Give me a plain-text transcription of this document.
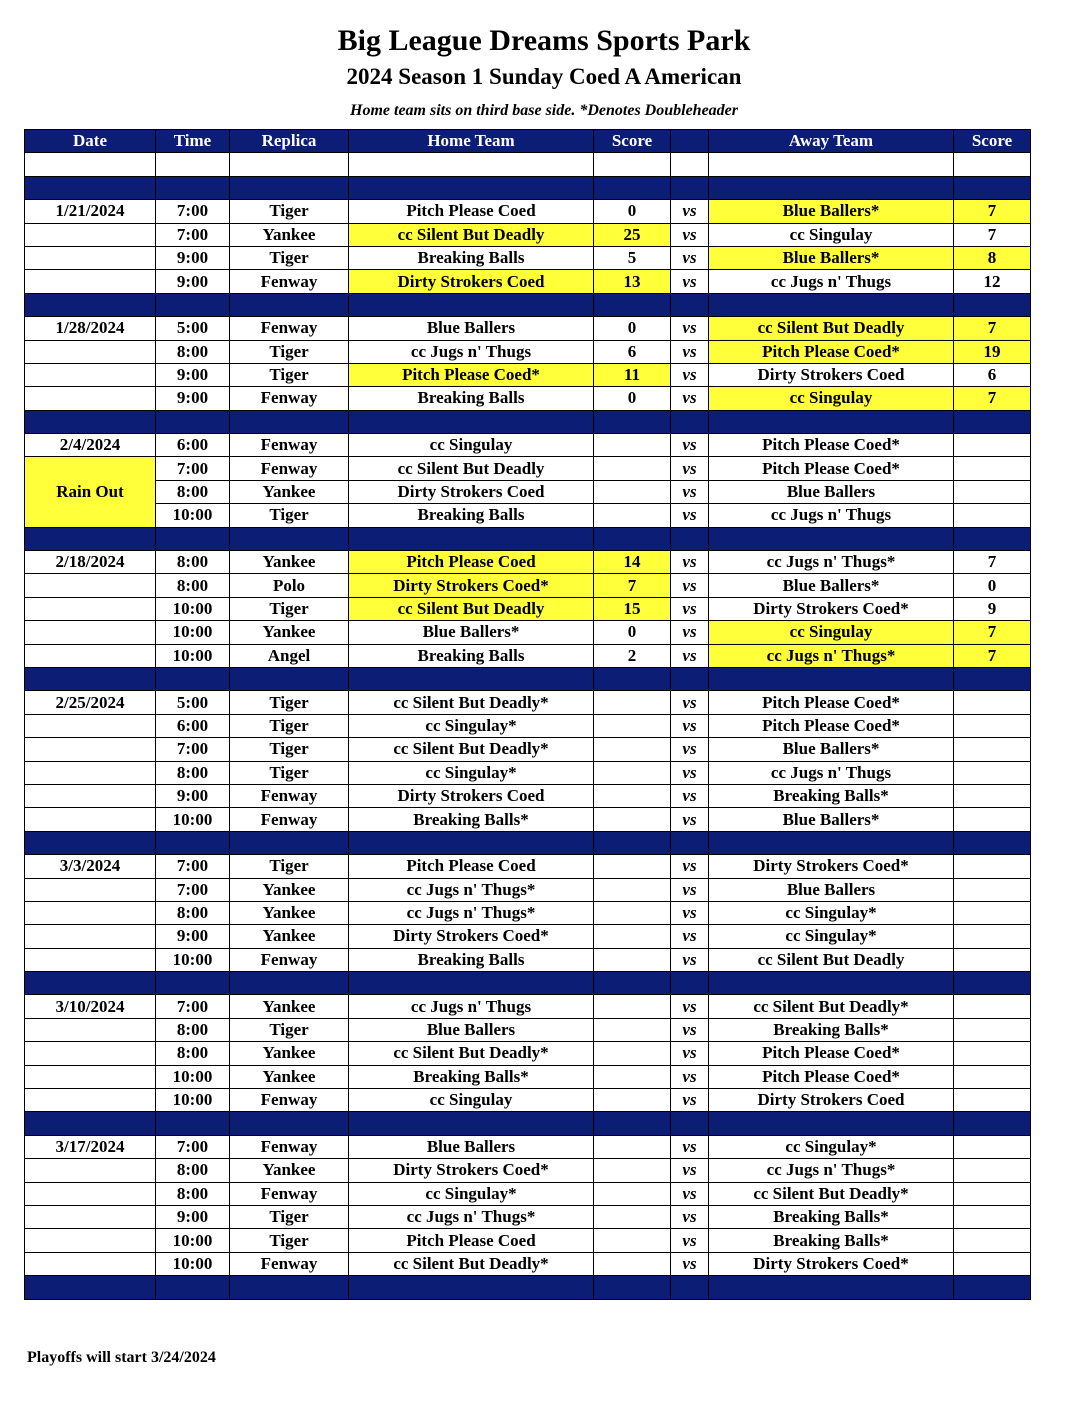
Big League Dreams Sports Park
2024 Season 1 Sunday Coed A American
Home team sits on third base side. *Denotes Doubleheader
Date	Time	Replica	Home Team	Score		Away Team	Score

1/21/2024	7:00	Tiger	Pitch Please Coed	0	vs	Blue Ballers*	7
	7:00	Yankee	cc Silent But Deadly	25	vs	cc Singulay	7
	9:00	Tiger	Breaking Balls	5	vs	Blue Ballers*	8
	9:00	Fenway	Dirty Strokers Coed	13	vs	cc Jugs n' Thugs	12

1/28/2024	5:00	Fenway	Blue Ballers	0	vs	cc Silent But Deadly	7
	8:00	Tiger	cc Jugs n' Thugs	6	vs	Pitch Please Coed*	19
	9:00	Tiger	Pitch Please Coed*	11	vs	Dirty Strokers Coed	6
	9:00	Fenway	Breaking Balls	0	vs	cc Singulay	7

2/4/2024	6:00	Fenway	cc Singulay		vs	Pitch Please Coed*	
Rain Out	7:00	Fenway	cc Silent But Deadly		vs	Pitch Please Coed*	
	8:00	Yankee	Dirty Strokers Coed		vs	Blue Ballers	
	10:00	Tiger	Breaking Balls		vs	cc Jugs n' Thugs	

2/18/2024	8:00	Yankee	Pitch Please Coed	14	vs	cc Jugs n' Thugs*	7
	8:00	Polo	Dirty Strokers Coed*	7	vs	Blue Ballers*	0
	10:00	Tiger	cc Silent But Deadly	15	vs	Dirty Strokers Coed*	9
	10:00	Yankee	Blue Ballers*	0	vs	cc Singulay	7
	10:00	Angel	Breaking Balls	2	vs	cc Jugs n' Thugs*	7

2/25/2024	5:00	Tiger	cc Silent But Deadly*		vs	Pitch Please Coed*	
	6:00	Tiger	cc Singulay*		vs	Pitch Please Coed*	
	7:00	Tiger	cc Silent But Deadly*		vs	Blue Ballers*	
	8:00	Tiger	cc Singulay*		vs	cc Jugs n' Thugs	
	9:00	Fenway	Dirty Strokers Coed		vs	Breaking Balls*	
	10:00	Fenway	Breaking Balls*		vs	Blue Ballers*	

3/3/2024	7:00	Tiger	Pitch Please Coed		vs	Dirty Strokers Coed*	
	7:00	Yankee	cc Jugs n' Thugs*		vs	Blue Ballers	
	8:00	Yankee	cc Jugs n' Thugs*		vs	cc Singulay*	
	9:00	Yankee	Dirty Strokers Coed*		vs	cc Singulay*	
	10:00	Fenway	Breaking Balls		vs	cc Silent But Deadly	

3/10/2024	7:00	Yankee	cc Jugs n' Thugs		vs	cc Silent But Deadly*	
	8:00	Tiger	Blue Ballers		vs	Breaking Balls*	
	8:00	Yankee	cc Silent But Deadly*		vs	Pitch Please Coed*	
	10:00	Yankee	Breaking Balls*		vs	Pitch Please Coed*	
	10:00	Fenway	cc Singulay		vs	Dirty Strokers Coed	

3/17/2024	7:00	Fenway	Blue Ballers		vs	cc Singulay*	
	8:00	Yankee	Dirty Strokers Coed*		vs	cc Jugs n' Thugs*	
	8:00	Fenway	cc Singulay*		vs	cc Silent But Deadly*	
	9:00	Tiger	cc Jugs n' Thugs*		vs	Breaking Balls*	
	10:00	Tiger	Pitch Please Coed		vs	Breaking Balls*	
	10:00	Fenway	cc Silent But Deadly*		vs	Dirty Strokers Coed*	

Playoffs will start 3/24/2024
